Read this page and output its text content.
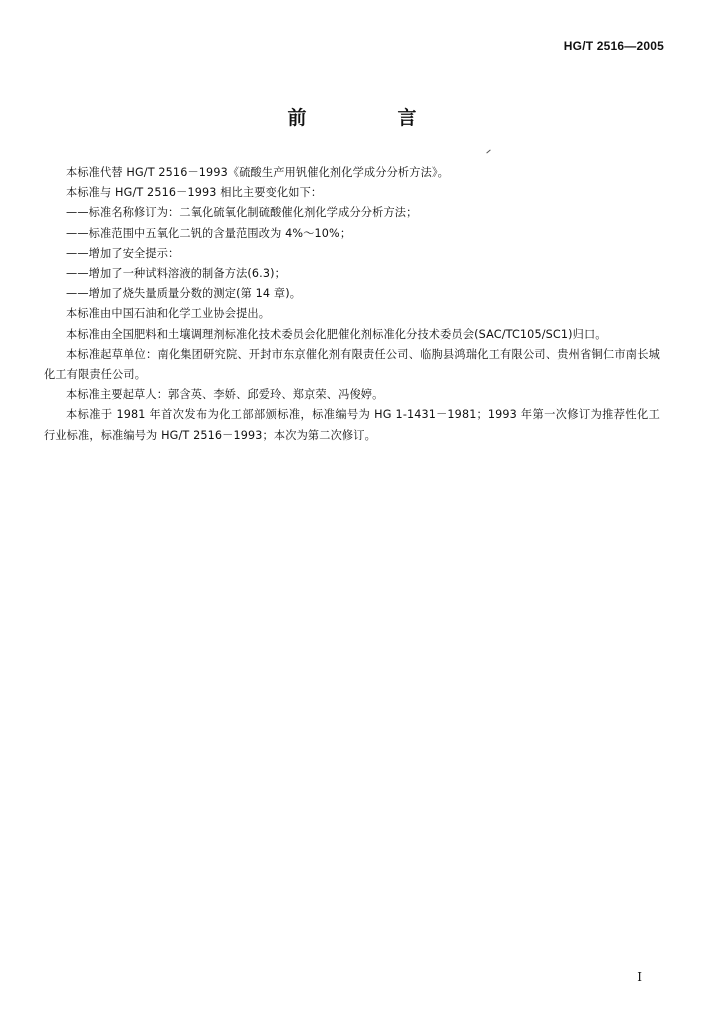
HG/T 2516—2005
前　言

本标准代替 HG/T 2516－1993《硫酸生产用钒催化剂化学成分分析方法》。

本标准与 HG/T 2516－1993 相比主要变化如下：

——标准名称修订为：二氧化硫氧化制硫酸催化剂化学成分分析方法；

——标准范围中五氧化二钒的含量范围改为 4%～10%；

——增加了安全提示：

——增加了一种试料溶液的制备方法(6.3)；

——增加了烧失量质量分数的测定(第 14 章)。

本标准由中国石油和化学工业协会提出。

本标准由全国肥料和土壤调理剂标准化技术委员会化肥催化剂标准化分技术委员会(SAC/TC105/SC1)归口。

本标准起草单位：南化集团研究院、开封市东京催化剂有限责任公司、临朐县鸿瑞化工有限公司、贵州省铜仁市南长城化工有限责任公司。

本标准主要起草人：郭含英、李娇、邱爱玲、郑京荣、冯俊婷。

本标准于 1981 年首次发布为化工部部颁标准，标准编号为 HG 1-1431－1981；1993 年第一次修订为推荐性化工行业标准，标准编号为 HG/T 2516－1993；本次为第二次修订。

I
